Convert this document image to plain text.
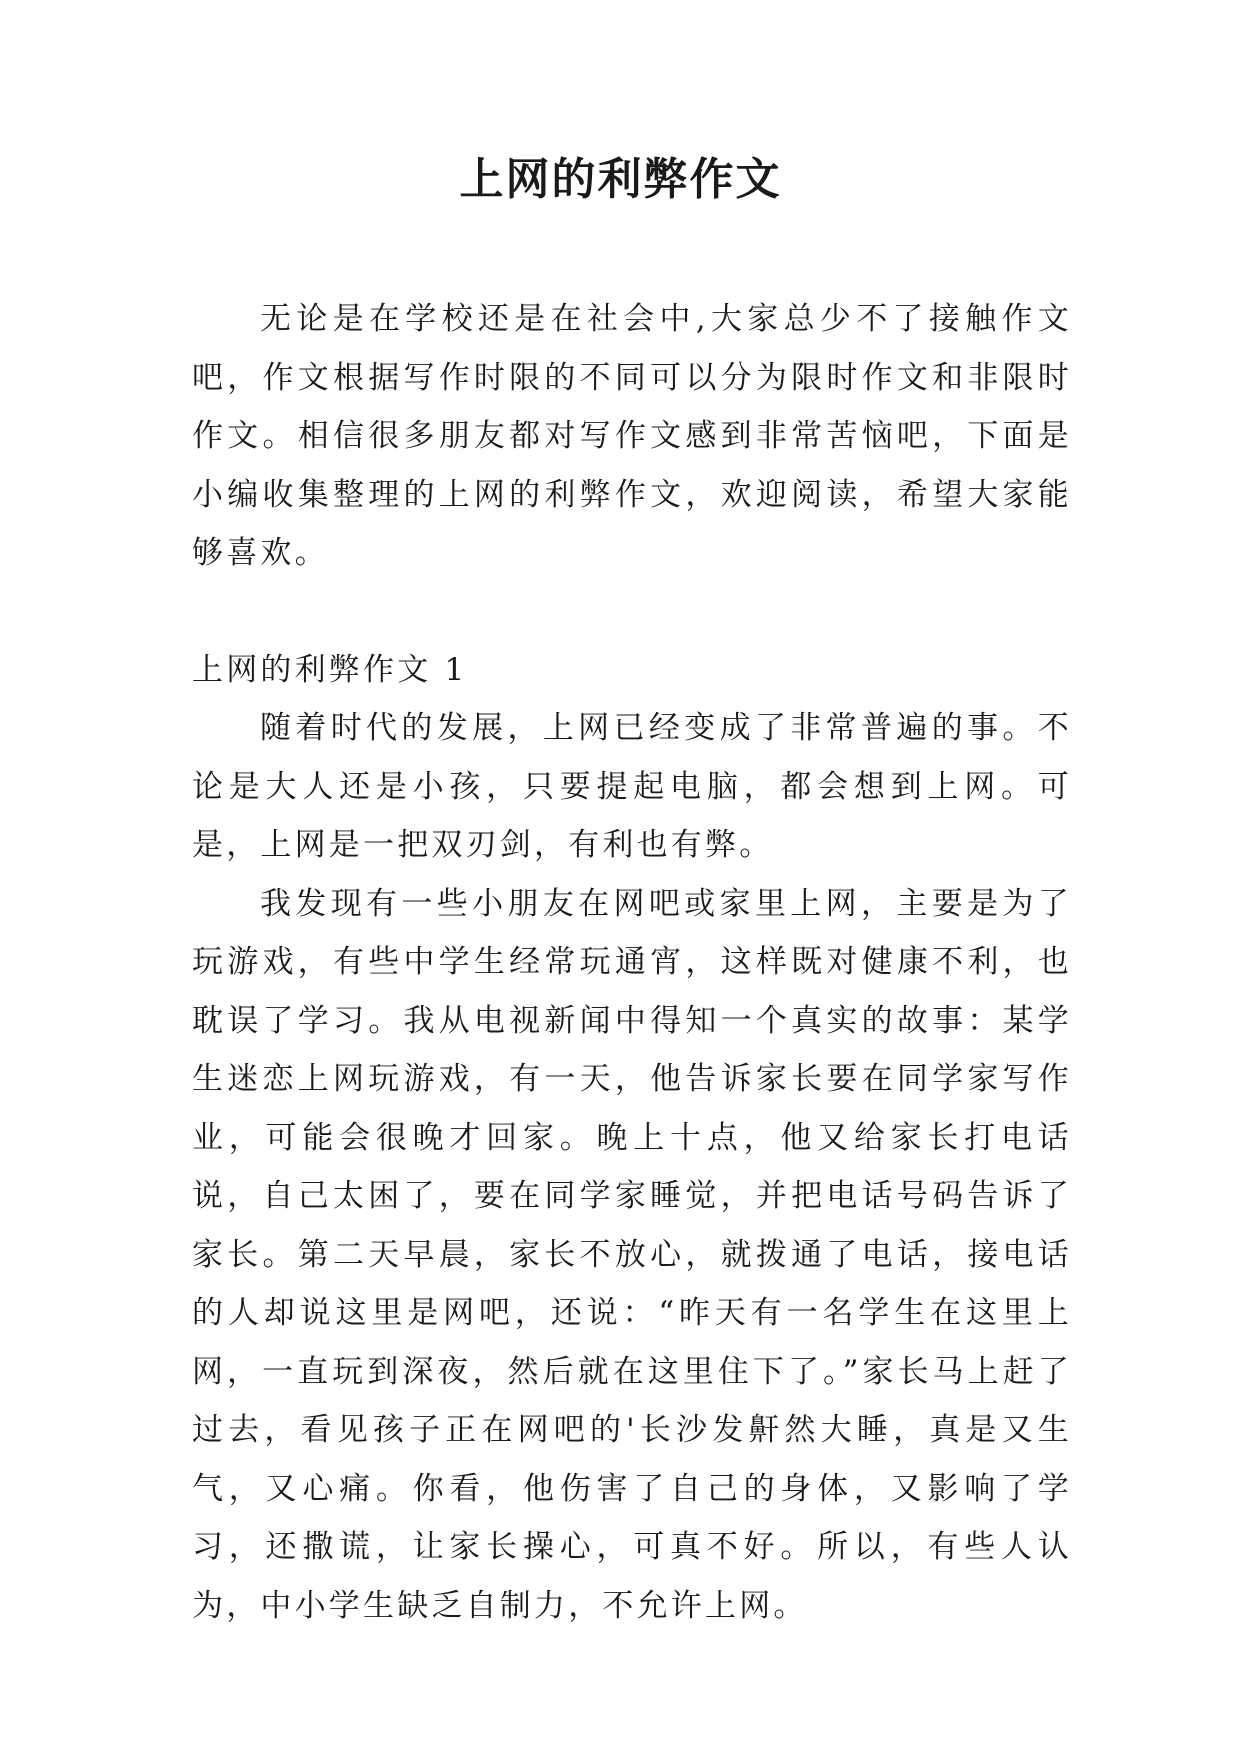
上网的利弊作文

无论是在学校还是在社会中,大家总少不了接触作文吧，作文根据写作时限的不同可以分为限时作文和非限时作文。相信很多朋友都对写作文感到非常苦恼吧，下面是小编收集整理的上网的利弊作文，欢迎阅读，希望大家能够喜欢。

上网的利弊作文 1

随着时代的发展，上网已经变成了非常普遍的事。不论是大人还是小孩，只要提起电脑，都会想到上网。可是，上网是一把双刃剑，有利也有弊。

我发现有一些小朋友在网吧或家里上网，主要是为了玩游戏，有些中学生经常玩通宵，这样既对健康不利，也耽误了学习。我从电视新闻中得知一个真实的故事：某学生迷恋上网玩游戏，有一天，他告诉家长要在同学家写作业，可能会很晚才回家。晚上十点，他又给家长打电话说，自己太困了，要在同学家睡觉，并把电话号码告诉了家长。第二天早晨，家长不放心，就拨通了电话，接电话的人却说这里是网吧，还说：“昨天有一名学生在这里上网，一直玩到深夜，然后就在这里住下了。”家长马上赶了过去，看见孩子正在网吧的'长沙发鼾然大睡，真是又生气，又心痛。你看，他伤害了自己的身体，又影响了学习，还撒谎，让家长操心，可真不好。所以，有些人认为，中小学生缺乏自制力，不允许上网。
